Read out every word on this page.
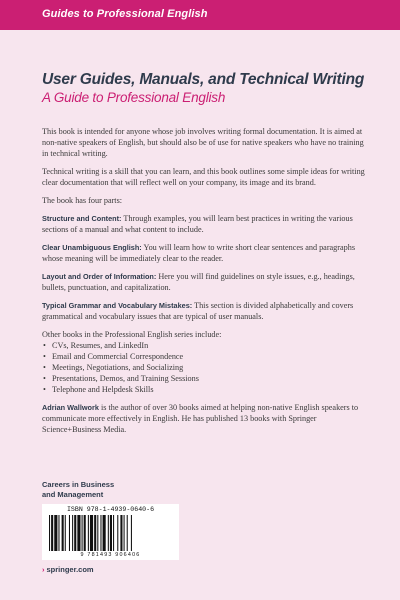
Guides to Professional English
User Guides, Manuals, and Technical Writing
A Guide to Professional English

This book is intended for anyone whose job involves writing formal documentation. It is aimed at non-native speakers of English, but should also be of use for native speakers who have no training in technical writing.

Technical writing is a skill that you can learn, and this book outlines some simple ideas for writing clear documentation that will reflect well on your company, its image and its brand.

The book has four parts:

Structure and Content: Through examples, you will learn best practices in writing the various sections of a manual and what content to include.

Clear Unambiguous English: You will learn how to write short clear sentences and paragraphs whose meaning will be immediately clear to the reader.

Layout and Order of Information: Here you will find guidelines on style issues, e.g., headings, bullets, punctuation, and capitalization.

Typical Grammar and Vocabulary Mistakes: This section is divided alphabetically and covers grammatical and vocabulary issues that are typical of user manuals.

Other books in the Professional English series include:

• CVs, Resumes, and LinkedIn
• Email and Commercial Correspondence
• Meetings, Negotiations, and Socializing
• Presentations, Demos, and Training Sessions
• Telephone and Helpdesk Skills

Adrian Wallwork is the author of over 30 books aimed at helping non-native English speakers to communicate more effectively in English. He has published 13 books with Springer Science+Business Media.

Careers in Business
and Management
ISBN 978-1-4939-0640-6
9 781493 906406
› springer.com
